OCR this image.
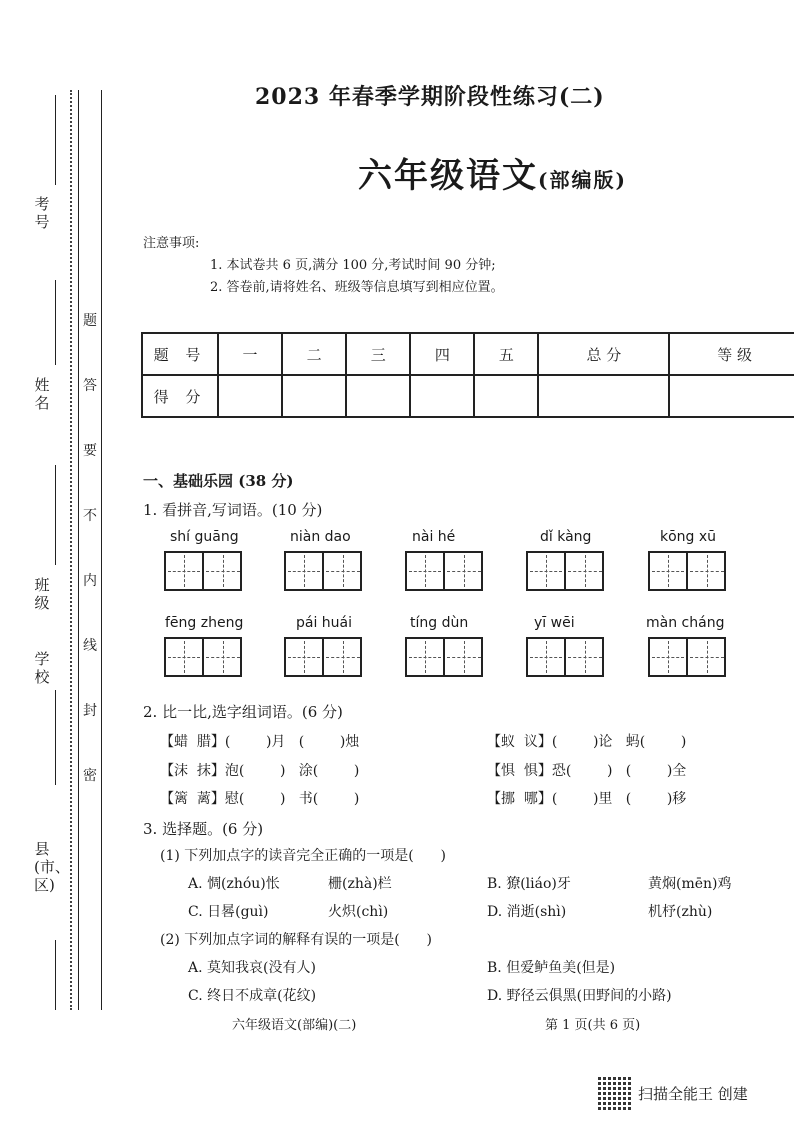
考号
姓名
班级
学校
县(市、区)
题
答
要
不
内
线
封
密
2023 年春季学期阶段性练习(二)
六年级语文(部编版)
注意事项:
1. 本试卷共 6 页,满分 100 分,考试时间 90 分钟;
2. 答卷前,请将姓名、班级等信息填写到相应位置。
题 号	一	二	三	四	五	总 分	等 级
得 分							
一、基础乐园 (38 分)
1. 看拼音,写词语。(10 分)
shí guāng	niàn dao	nài hé	dǐ kàng	kōng xū
fēng zheng	pái huái	tíng dùn	yī wēi	màn cháng
2. 比一比,选字组词语。(6 分)
【蜡  腊】(        )月   (        )烛
【沫  抹】泡(        )   涂(        )
【篱  蓠】慰(        )   书(        )
【蚁  议】(        )论   蚂(        )
【惧  惧】恐(        )   (        )全
【挪  哪】(        )里   (        )移
3. 选择题。(6 分)
(1) 下列加点字的读音完全正确的一项是(      )
A. 惆(zhóu)怅	栅(zhà)栏	B. 獠(liáo)牙	黄焖(mēn)鸡
C. 日晷(guì)	火炽(chì)	D. 消逝(shì)	机杼(zhù)
(2) 下列加点字词的解释有误的一项是(      )
A. 莫知我哀(没有人)	B. 但爱鲈鱼美(但是)
C. 终日不成章(花纹)	D. 野径云俱黑(田野间的小路)
六年级语文(部编)(二)	第 1 页(共 6 页)
扫描全能王 创建
